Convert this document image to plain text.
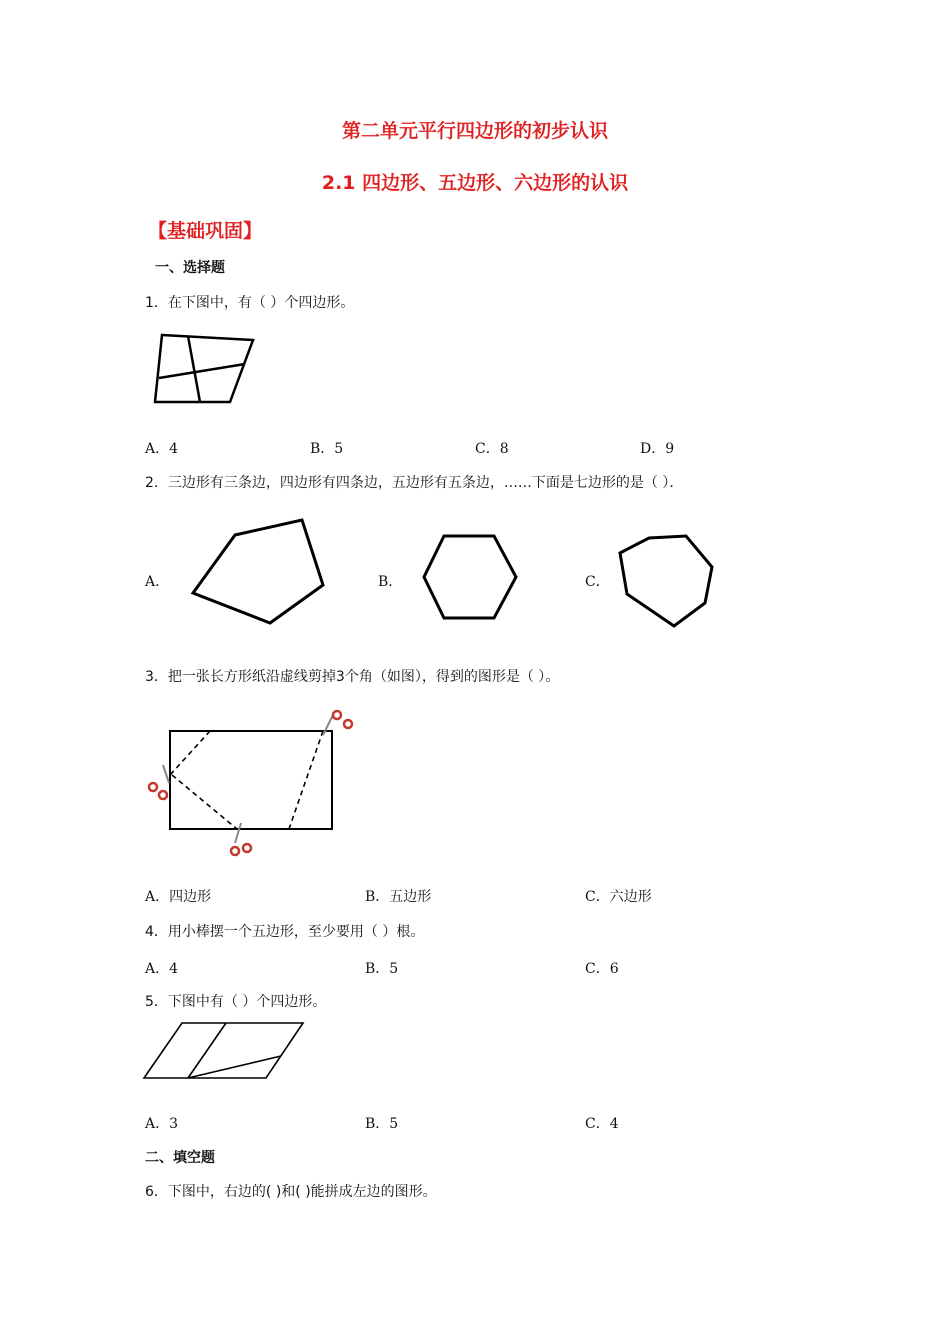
第二单元平行四边形的初步认识
2.1 四边形、五边形、六边形的认识
【基础巩固】
一、选择题
1．在下图中，有（ ）个四边形。
A．4	B．5	C．8	D．9
2．三边形有三条边，四边形有四条边，五边形有五条边，……下面是七边形的是（ ）．
A．	B．	C．
3．把一张长方形纸沿虚线剪掉3个角（如图），得到的图形是（ ）。
A．四边形	B．五边形	C．六边形
4．用小棒摆一个五边形，至少要用（ ）根。
A．4	B．5	C．6
5．下图中有（ ）个四边形。
A．3	B．5	C．4
二、填空题
6．下图中，右边的( )和( )能拼成左边的图形。
